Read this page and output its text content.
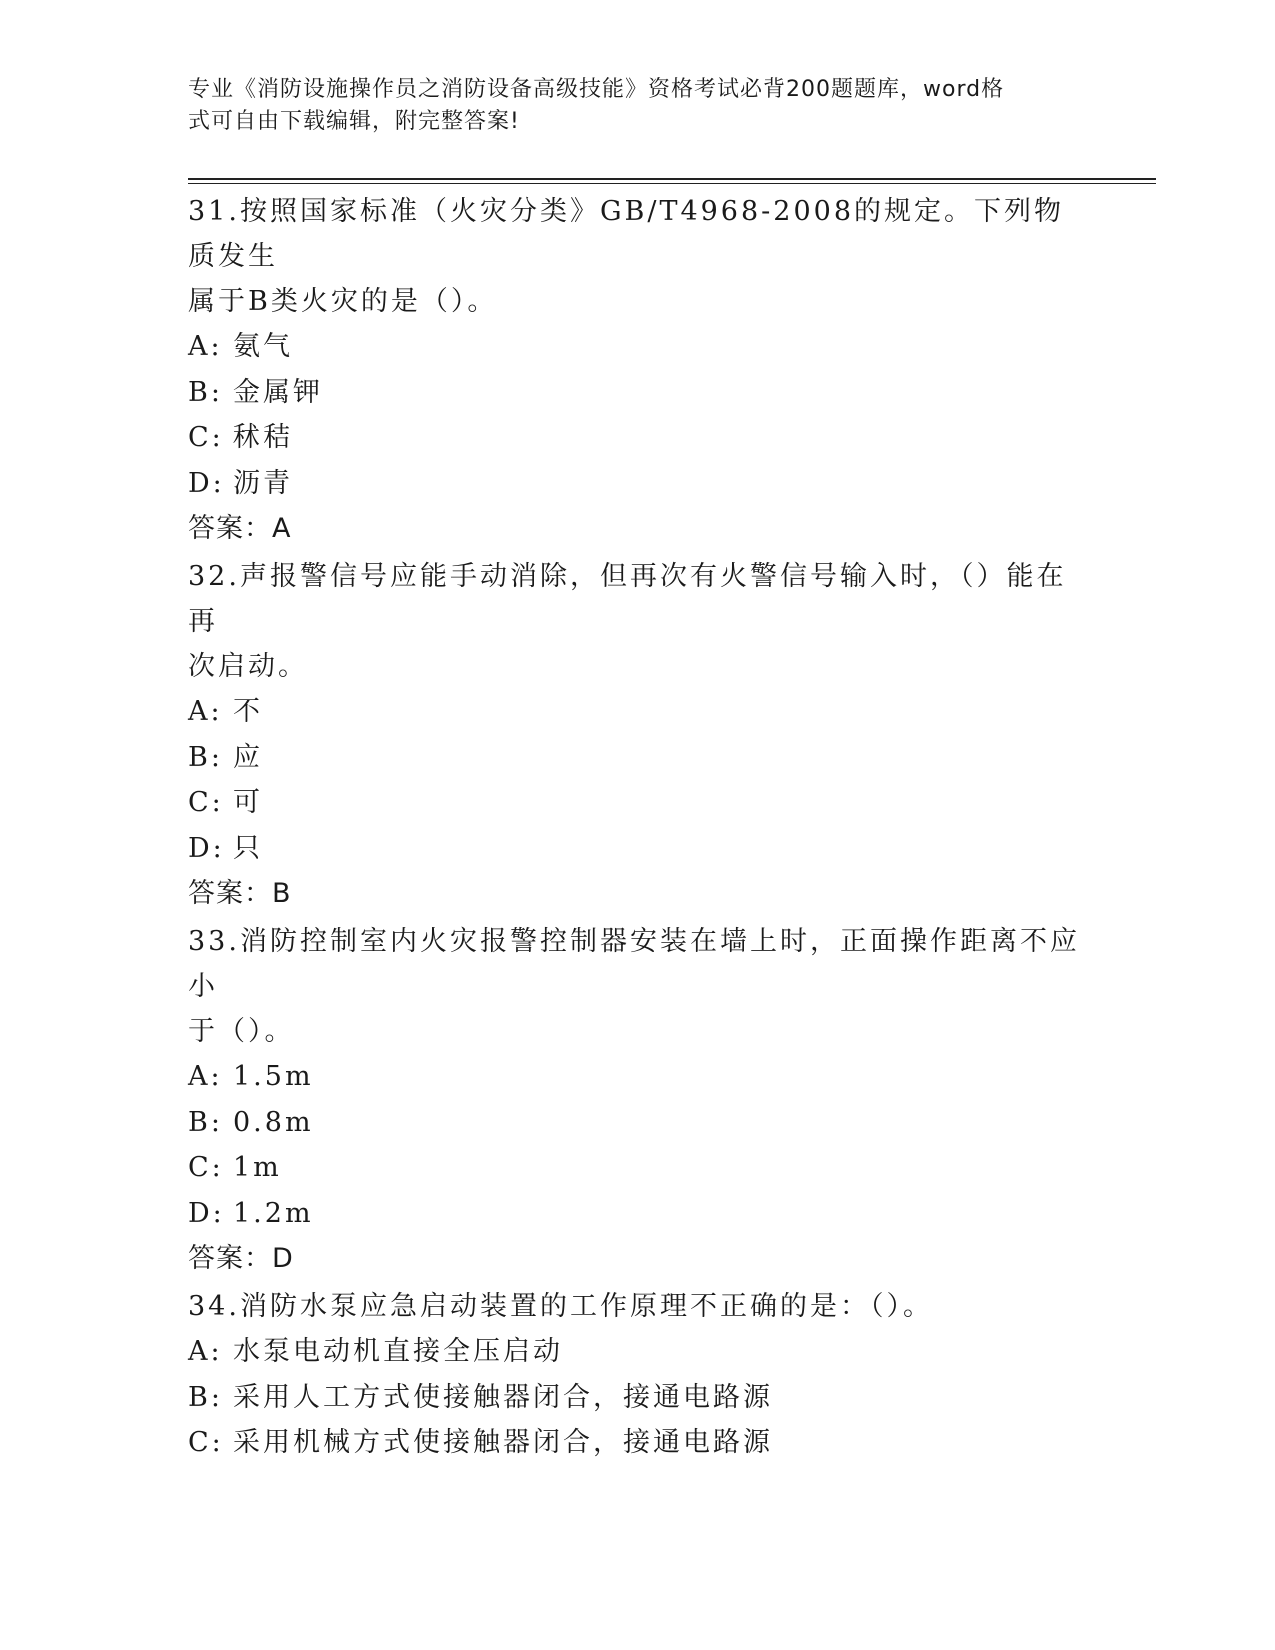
专业《消防设施操作员之消防设备高级技能》资格考试必背200题题库，word格
式可自由下载编辑，附完整答案!
31.按照国家标准（火灾分类》GB/T4968-2008的规定。下列物质发生
属于B类火灾的是（）。
A: 氨气
B: 金属钾
C: 秫秸
D: 沥青
答案：A
32.声报警信号应能手动消除，但再次有火警信号输入时，（）能在再
次启动。
A: 不
B: 应
C: 可
D: 只
答案：B
33.消防控制室内火灾报警控制器安装在墙上时，正面操作距离不应小
于（）。
A: 1.5m
B: 0.8m
C: 1m
D: 1.2m
答案：D
34.消防水泵应急启动装置的工作原理不正确的是：（）。
A: 水泵电动机直接全压启动
B: 采用人工方式使接触器闭合，接通电路源
C: 采用机械方式使接触器闭合，接通电路源
